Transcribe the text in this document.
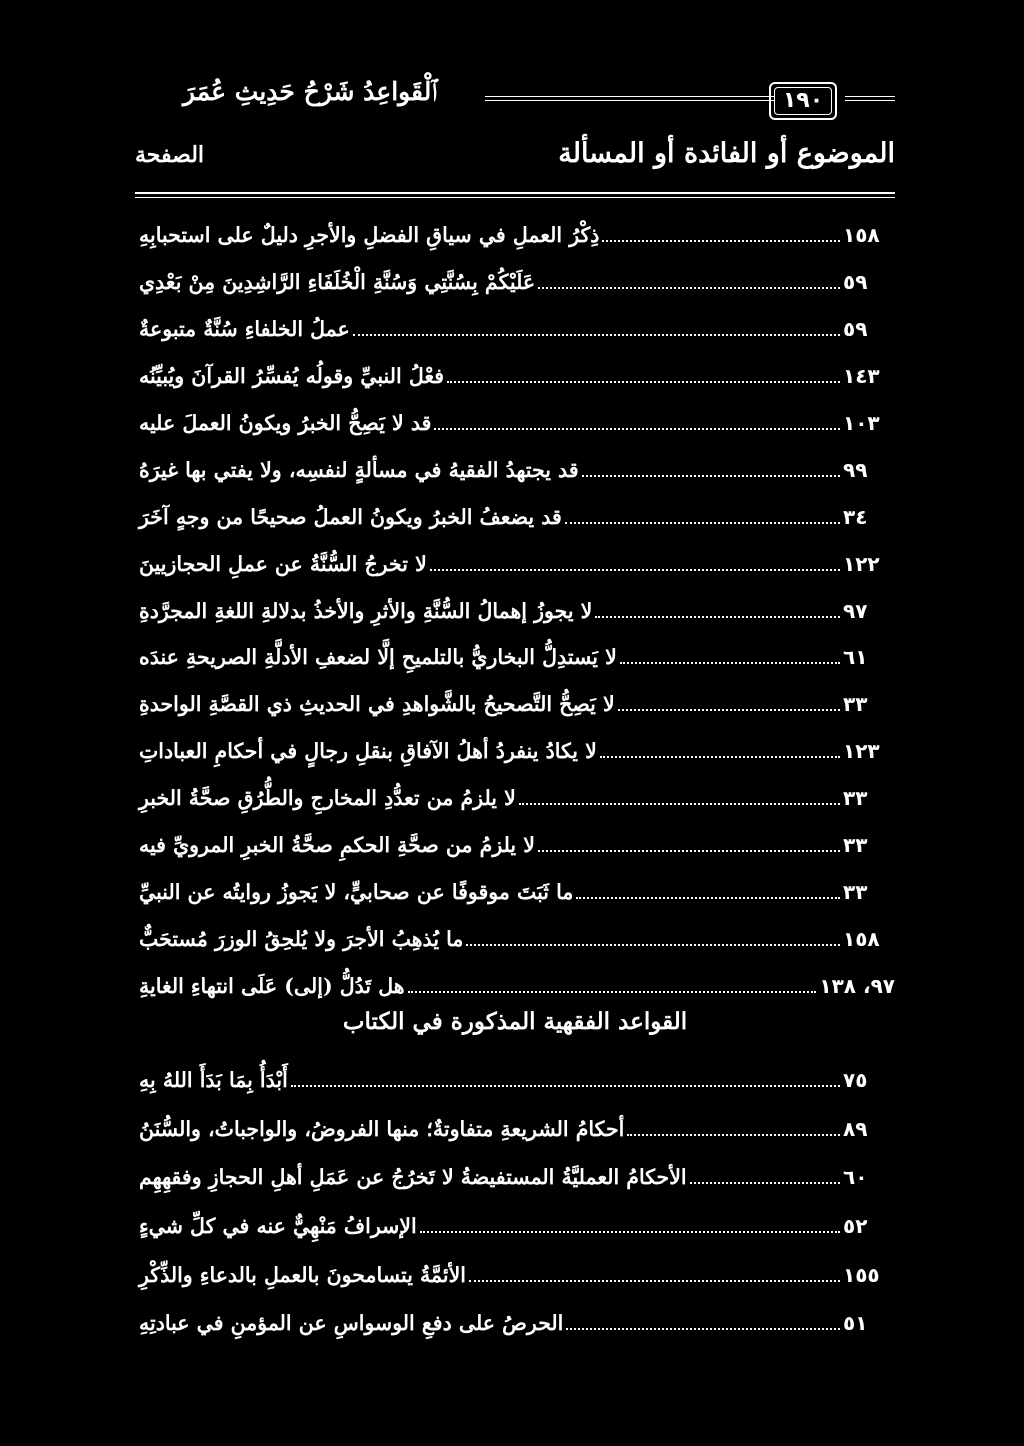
ﭐﻟْﻘَﻮﺍﻋِﺪُ ﺷَﺮْﺡُ ﺣَﺪِﻳﺚِ ﻋُﻤَﺮَ	١٩٠
الموضوع أو الفائدة أو المسألة
الصفحة
١٥٨
ذِكْرُ العملِ في سياقِ الفضلِ والأجرِ دليلٌ على استحبابِهِ
٥٩
عَلَيْكُمْ بِسُنَّتِي وَسُنَّةِ الْخُلَفَاءِ الرَّاشِدِينَ مِنْ بَعْدِي
٥٩
عملُ الخلفاءِ سُنَّةٌ متبوعةٌ
١٤٣
فعْلُ النبيِّ وقولُه يُفسِّرُ القرآنَ ويُبيِّنُه
١٠٣
قد لا يَصِحُّ الخبرُ ويكونُ العملَ عليه
٩٩
قد يجتهدُ الفقيهُ في مسألةٍ لنفسِه، ولا يفتي بها غيرَهُ
٣٤
قد يضعفُ الخبرُ ويكونُ العملُ صحيحًا من وجهٍ آخَرَ
١٢٢
لا تخرجُ السُّنَّةُ عن عملِ الحجازيينَ
٩٧
لا يجوزُ إهمالُ السُّنَّةِ والأثرِ والأخذُ بدلالةِ اللغةِ المجرَّدةِ
٦١
لا يَستدِلُّ البخاريُّ بالتلميحِ إلَّا لضعفِ الأدلَّةِ الصريحةِ عندَه
٣٣
لا يَصِحُّ التَّصحيحُ بالشَّواهدِ في الحديثِ ذي القصَّةِ الواحدةِ
١٢٣
لا يكادُ ينفردُ أهلُ الآفاقِ بنقلِ رجالٍ في أحكامِ العباداتِ
٣٣
لا يلزمُ من تعدُّدِ المخارجِ والطُّرُقِ صحَّةُ الخبرِ
٣٣
لا يلزمُ من صحَّةِ الحكمِ صحَّةُ الخبرِ المرويِّ فيه
٣٣
ما ثَبَتَ موقوفًا عن صحابيٍّ، لا يَجوزُ روايتُه عن النبيِّ
١٥٨
ما يُذهِبُ الأجرَ ولا يُلحِقُ الوزرَ مُستحَبٌّ
٩٧، ١٣٨
هل تَدُلُّ (إلى) عَلَى انتهاءِ الغايةِ
القواعد الفقهية المذكورة في الكتاب
٧٥
أَبْدَأُ بِمَا بَدَأَ اللهُ بِهِ
٨٩
أحكامُ الشريعةِ متفاوتةٌ؛ منها الفروضُ، والواجباتُ، والسُّنَنُ
٦٠
الأحكامُ العمليَّةُ المستفيضةُ لا تَخرُجُ عن عَمَلِ أهلِ الحجازِ وفقهِهِم
٥٢
الإسرافُ مَنْهِيٌّ عنه في كلِّ شيءٍ
١٥٥
الأئمَّةُ يتسامحونَ بالعملِ بالدعاءِ والذِّكْرِ
٥١
الحرصُ على دفعِ الوسواسِ عن المؤمنِ في عبادتِهِ
